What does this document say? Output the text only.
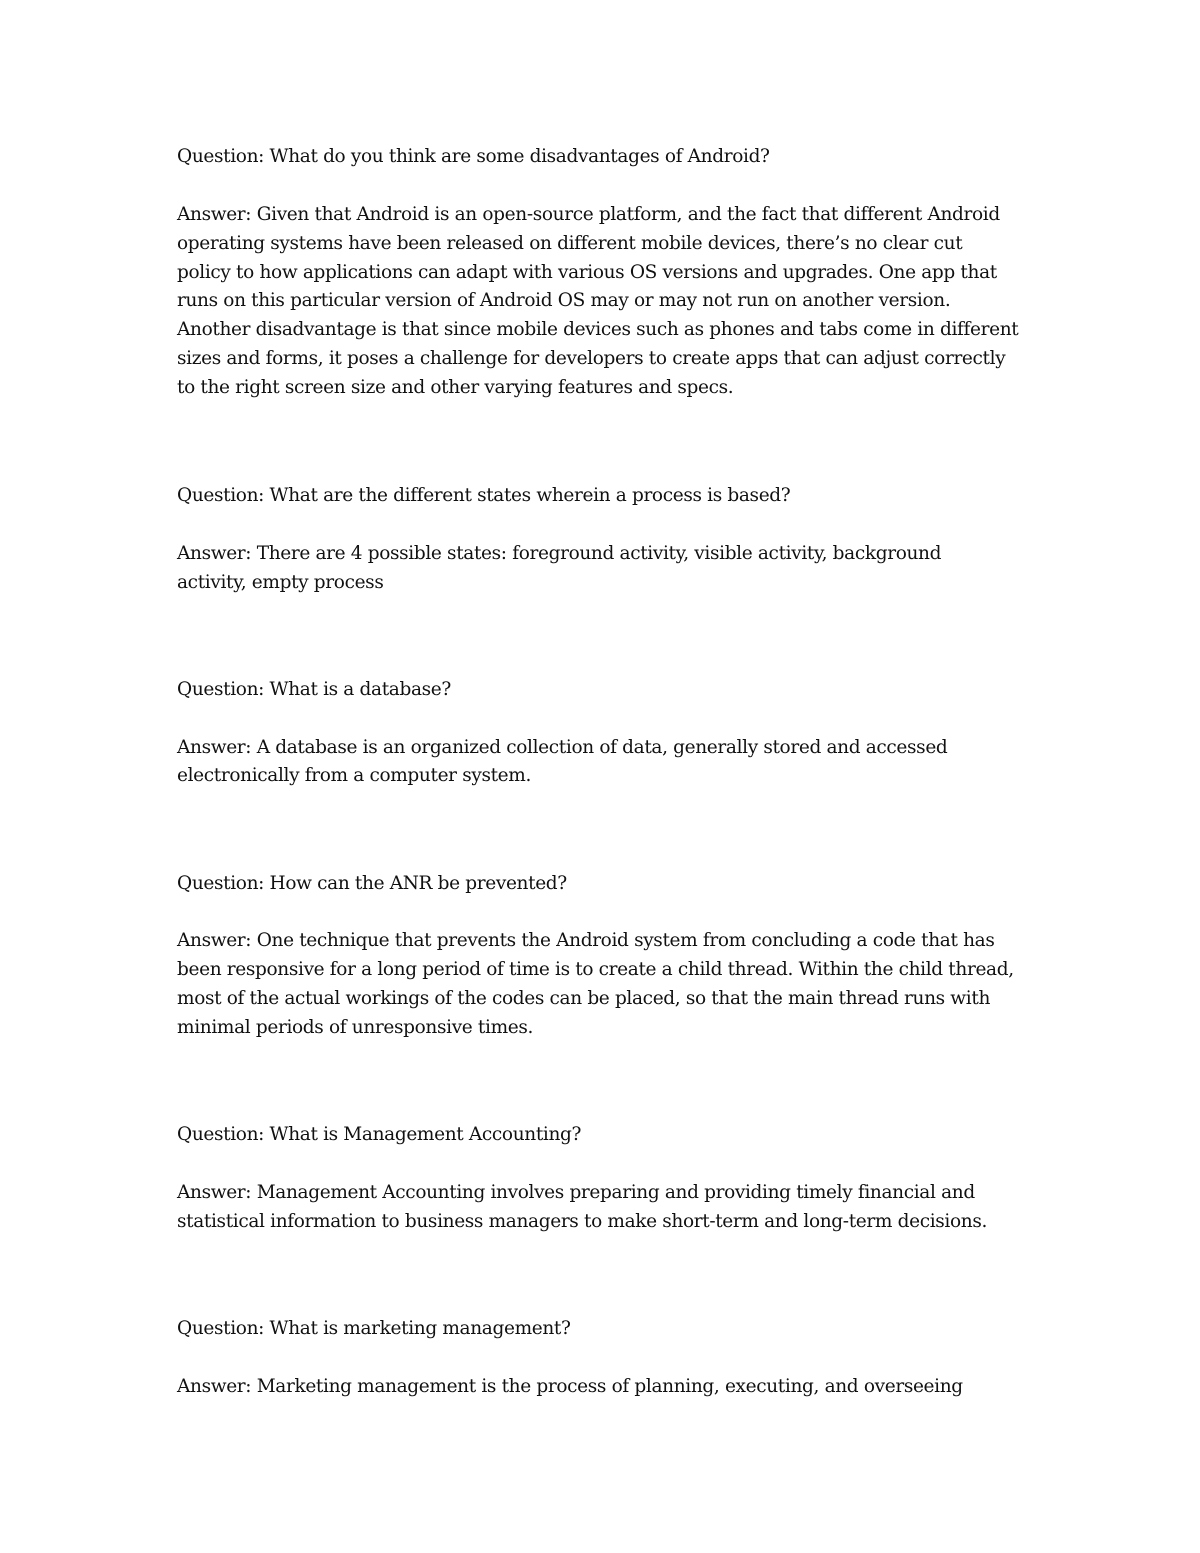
Question: What do you think are some disadvantages of Android?
Answer: Given that Android is an open-source platform, and the fact that different Android
operating systems have been released on different mobile devices, there’s no clear cut
policy to how applications can adapt with various OS versions and upgrades. One app that
runs on this particular version of Android OS may or may not run on another version.
Another disadvantage is that since mobile devices such as phones and tabs come in different
sizes and forms, it poses a challenge for developers to create apps that can adjust correctly
to the right screen size and other varying features and specs.
Question: What are the different states wherein a process is based?
Answer: There are 4 possible states: foreground activity, visible activity, background
activity, empty process
Question: What is a database?
Answer: A database is an organized collection of data, generally stored and accessed
electronically from a computer system.
Question: How can the ANR be prevented?
Answer: One technique that prevents the Android system from concluding a code that has
been responsive for a long period of time is to create a child thread. Within the child thread,
most of the actual workings of the codes can be placed, so that the main thread runs with
minimal periods of unresponsive times.
Question: What is Management Accounting?
Answer: Management Accounting involves preparing and providing timely financial and
statistical information to business managers to make short-term and long-term decisions.
Question: What is marketing management?
Answer: Marketing management is the process of planning, executing, and overseeing
